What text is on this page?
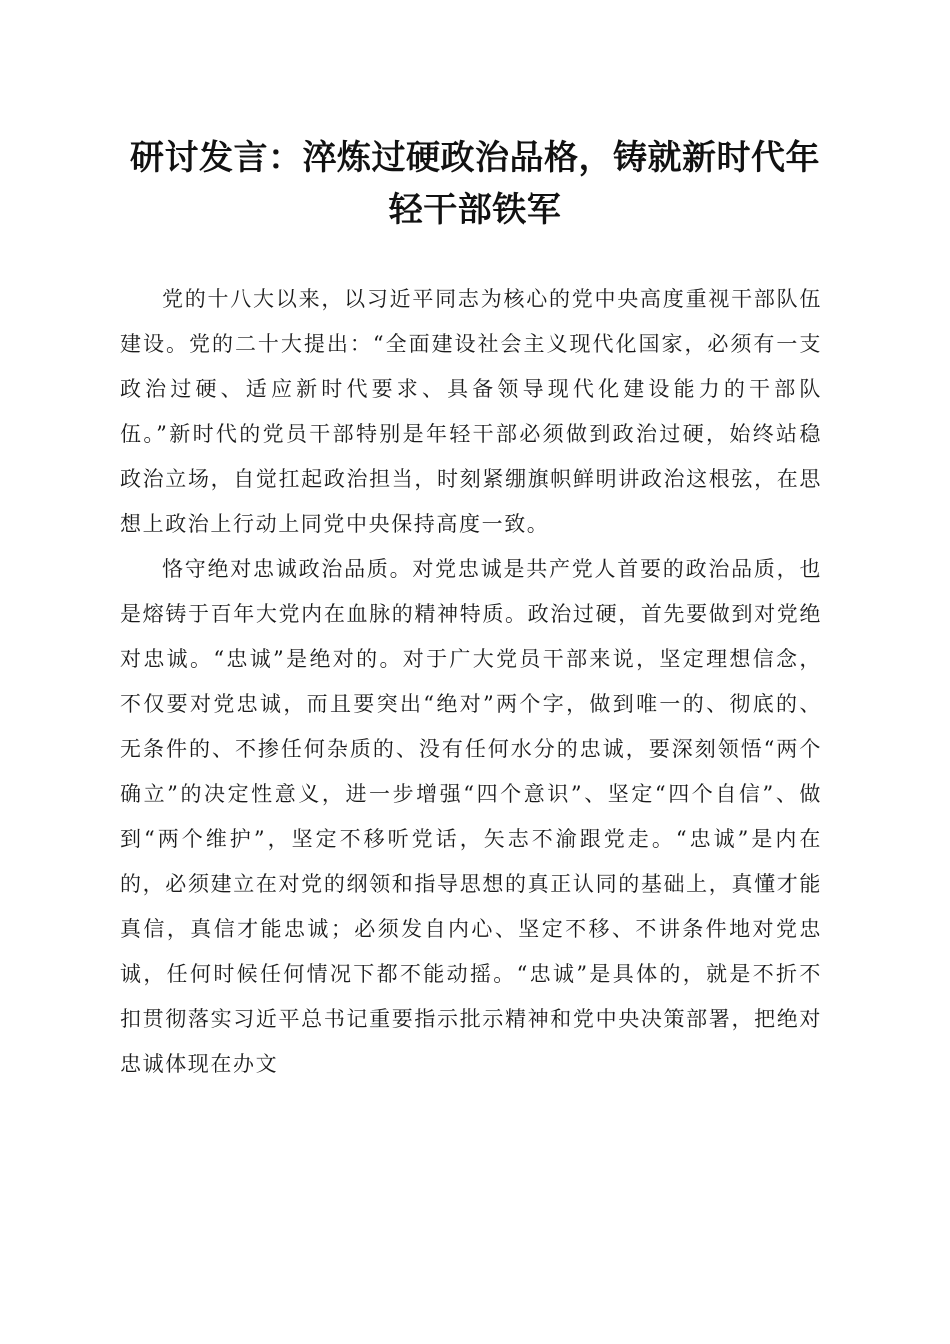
研讨发言：淬炼过硬政治品格，铸就新时代年
轻干部铁军

党的十八大以来，以习近平同志为核心的党中央高度重视干部队伍建设。党的二十大提出：“全面建设社会主义现代化国家，必须有一支政治过硬、适应新时代要求、具备领导现代化建设能力的干部队伍。”新时代的党员干部特别是年轻干部必须做到政治过硬，始终站稳政治立场，自觉扛起政治担当，时刻紧绷旗帜鲜明讲政治这根弦，在思想上政治上行动上同党中央保持高度一致。

恪守绝对忠诚政治品质。对党忠诚是共产党人首要的政治品质，也是熔铸于百年大党内在血脉的精神特质。政治过硬，首先要做到对党绝对忠诚。“忠诚”是绝对的。对于广大党员干部来说，坚定理想信念，不仅要对党忠诚，而且要突出“绝对”两个字，做到唯一的、彻底的、无条件的、不掺任何杂质的、没有任何水分的忠诚，要深刻领悟“两个确立”的决定性意义，进一步增强“四个意识”、坚定“四个自信”、做到“两个维护”，坚定不移听党话，矢志不渝跟党走。“忠诚”是内在的，必须建立在对党的纲领和指导思想的真正认同的基础上，真懂才能真信，真信才能忠诚；必须发自内心、坚定不移、不讲条件地对党忠诚，任何时候任何情况下都不能动摇。“忠诚”是具体的，就是不折不扣贯彻落实习近平总书记重要指示批示精神和党中央决策部署，把绝对忠诚体现在办文
